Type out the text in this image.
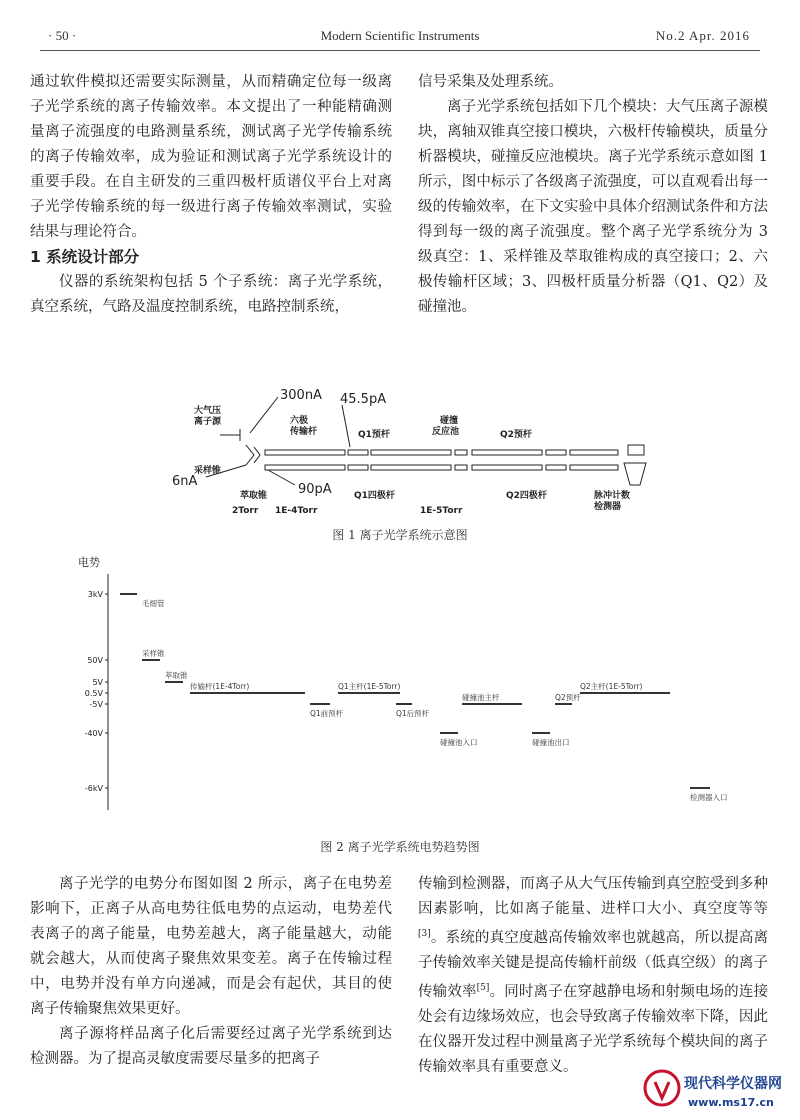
· 50 ·	Modern Scientific Instruments	No.2 Apr. 2016

通过软件模拟还需要实际测量，从而精确定位每一级离子光学系统的离子传输效率。本文提出了一种能精确测量离子流强度的电路测量系统，测试离子光学传输系统的离子传输效率，成为验证和测试离子光学系统设计的重要手段。在自主研发的三重四极杆质谱仪平台上对离子光学传输系统的每一级进行离子传输效率测试，实验结果与理论符合。

1 系统设计部分

仪器的系统架构包括 5 个子系统：离子光学系统，真空系统，气路及温度控制系统，电路控制系统，

信号采集及处理系统。

离子光学系统包括如下几个模块：大气压离子源模块，离轴双锥真空接口模块，六极杆传输模块，质量分析器模块，碰撞反应池模块。离子光学系统示意如图 1 所示，图中标示了各级离子流强度，可以直观看出每一级的传输效率，在下文实验中具体介绍测试条件和方法得到每一级的离子流强度。整个离子光学系统分为 3 级真空：1、采样锥及萃取锥构成的真空接口；2、六极传输杆区域；3、四极杆质量分析器（Q1、Q2）及碰撞池。

大气压
离子源
采样锥
萃取锥
六极
传输杆	Q1预杆
碰撞
反应池	Q2预杆
Q1四极杆	Q2四极杆	脉冲计数
检测器
2Torr 1E-4Torr	1E-5Torr
300nA 45.5pA
6nA
90pA
图 1 离子光学系统示意图
电势
3kV
50V
5V
0.5V
-5V
-40V
-6kV
毛细管
采样锥
萃取锥
传输杆(1E-4Torr)
Q1前预杆
Q1主杆(1E-5Torr)
Q1后预杆
碰撞池入口
碰撞池主杆
碰撞池出口
Q2预杆
Q2主杆(1E-5Torr)
检测器入口
图 2 离子光学系统电势趋势图

离子光学的电势分布图如图 2 所示，离子在电势差影响下，正离子从高电势往低电势的点运动，电势差代表离子的离子能量，电势差越大，离子能量越大，动能就会越大，从而使离子聚焦效果变差。离子在传输过程中，电势并没有单方向递减，而是会有起伏，其目的使离子传输聚焦效果更好。

离子源将样品离子化后需要经过离子光学系统到达检测器。为了提高灵敏度需要尽量多的把离子

传输到检测器，而离子从大气压传输到真空腔受到多种因素影响，比如离子能量、进样口大小、真空度等等[3]。系统的真空度越高传输效率也就越高，所以提高离子传输效率关键是提高传输杆前级（低真空级）的离子传输效率[5]。同时离子在穿越静电场和射频电场的连接处会有边缘场效应，也会导致离子传输效率下降，因此在仪器开发过程中测量离子光学系统每个模块间的离子传输效率具有重要意义。

现代科学仪器网
www.ms17.cn
